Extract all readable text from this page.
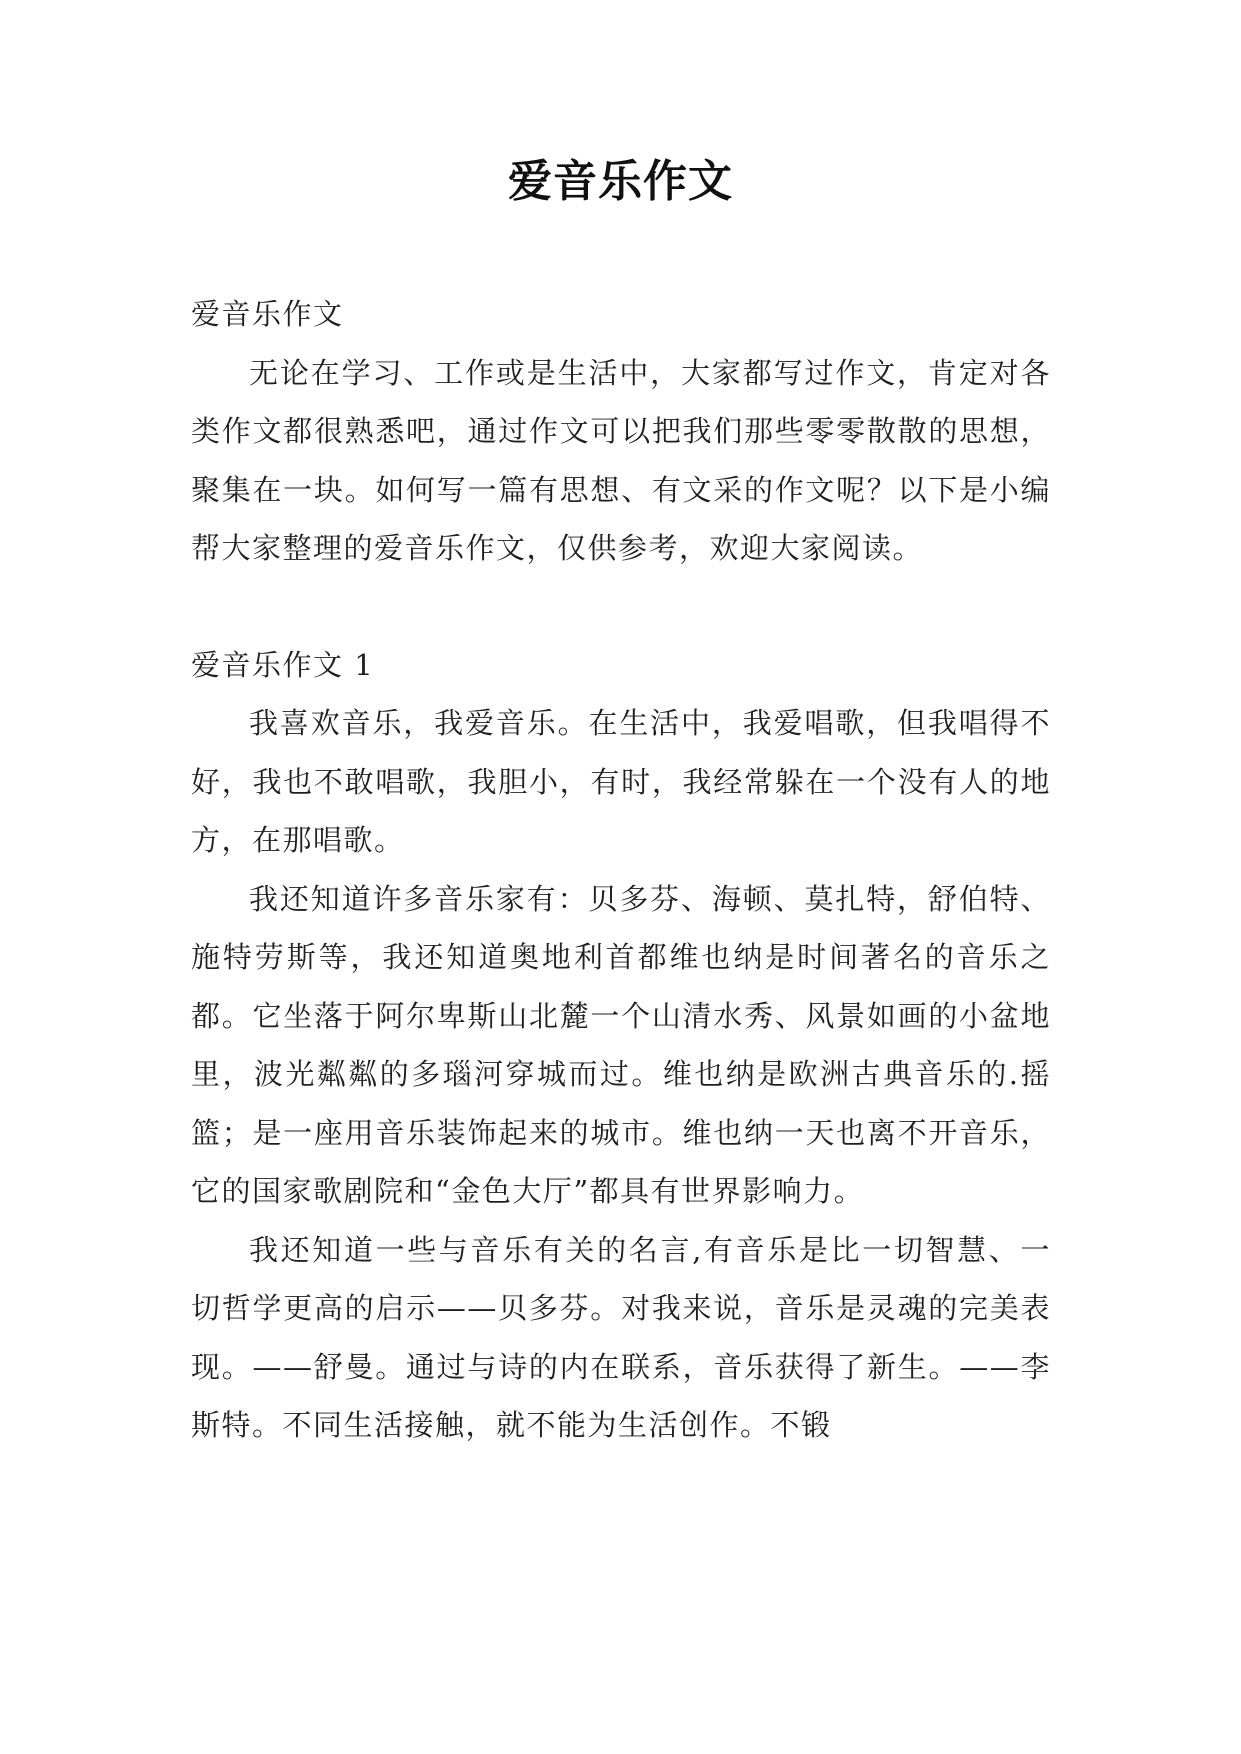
爱音乐作文

爱音乐作文

无论在学习、工作或是生活中，大家都写过作文，肯定对各类作文都很熟悉吧，通过作文可以把我们那些零零散散的思想，聚集在一块。如何写一篇有思想、有文采的作文呢？以下是小编帮大家整理的爱音乐作文，仅供参考，欢迎大家阅读。

爱音乐作文 1

我喜欢音乐，我爱音乐。在生活中，我爱唱歌，但我唱得不好，我也不敢唱歌，我胆小，有时，我经常躲在一个没有人的地方，在那唱歌。

我还知道许多音乐家有：贝多芬、海顿、莫扎特，舒伯特、施特劳斯等，我还知道奥地利首都维也纳是时间著名的音乐之都。它坐落于阿尔卑斯山北麓一个山清水秀、风景如画的小盆地里，波光粼粼的多瑙河穿城而过。维也纳是欧洲古典音乐的.摇篮；是一座用音乐装饰起来的城市。维也纳一天也离不开音乐，它的国家歌剧院和“金色大厅”都具有世界影响力。

我还知道一些与音乐有关的名言,有音乐是比一切智慧、一切哲学更高的启示——贝多芬。对我来说，音乐是灵魂的完美表现。——舒曼。通过与诗的内在联系，音乐获得了新生。——李斯特。不同生活接触，就不能为生活创作。不锻
